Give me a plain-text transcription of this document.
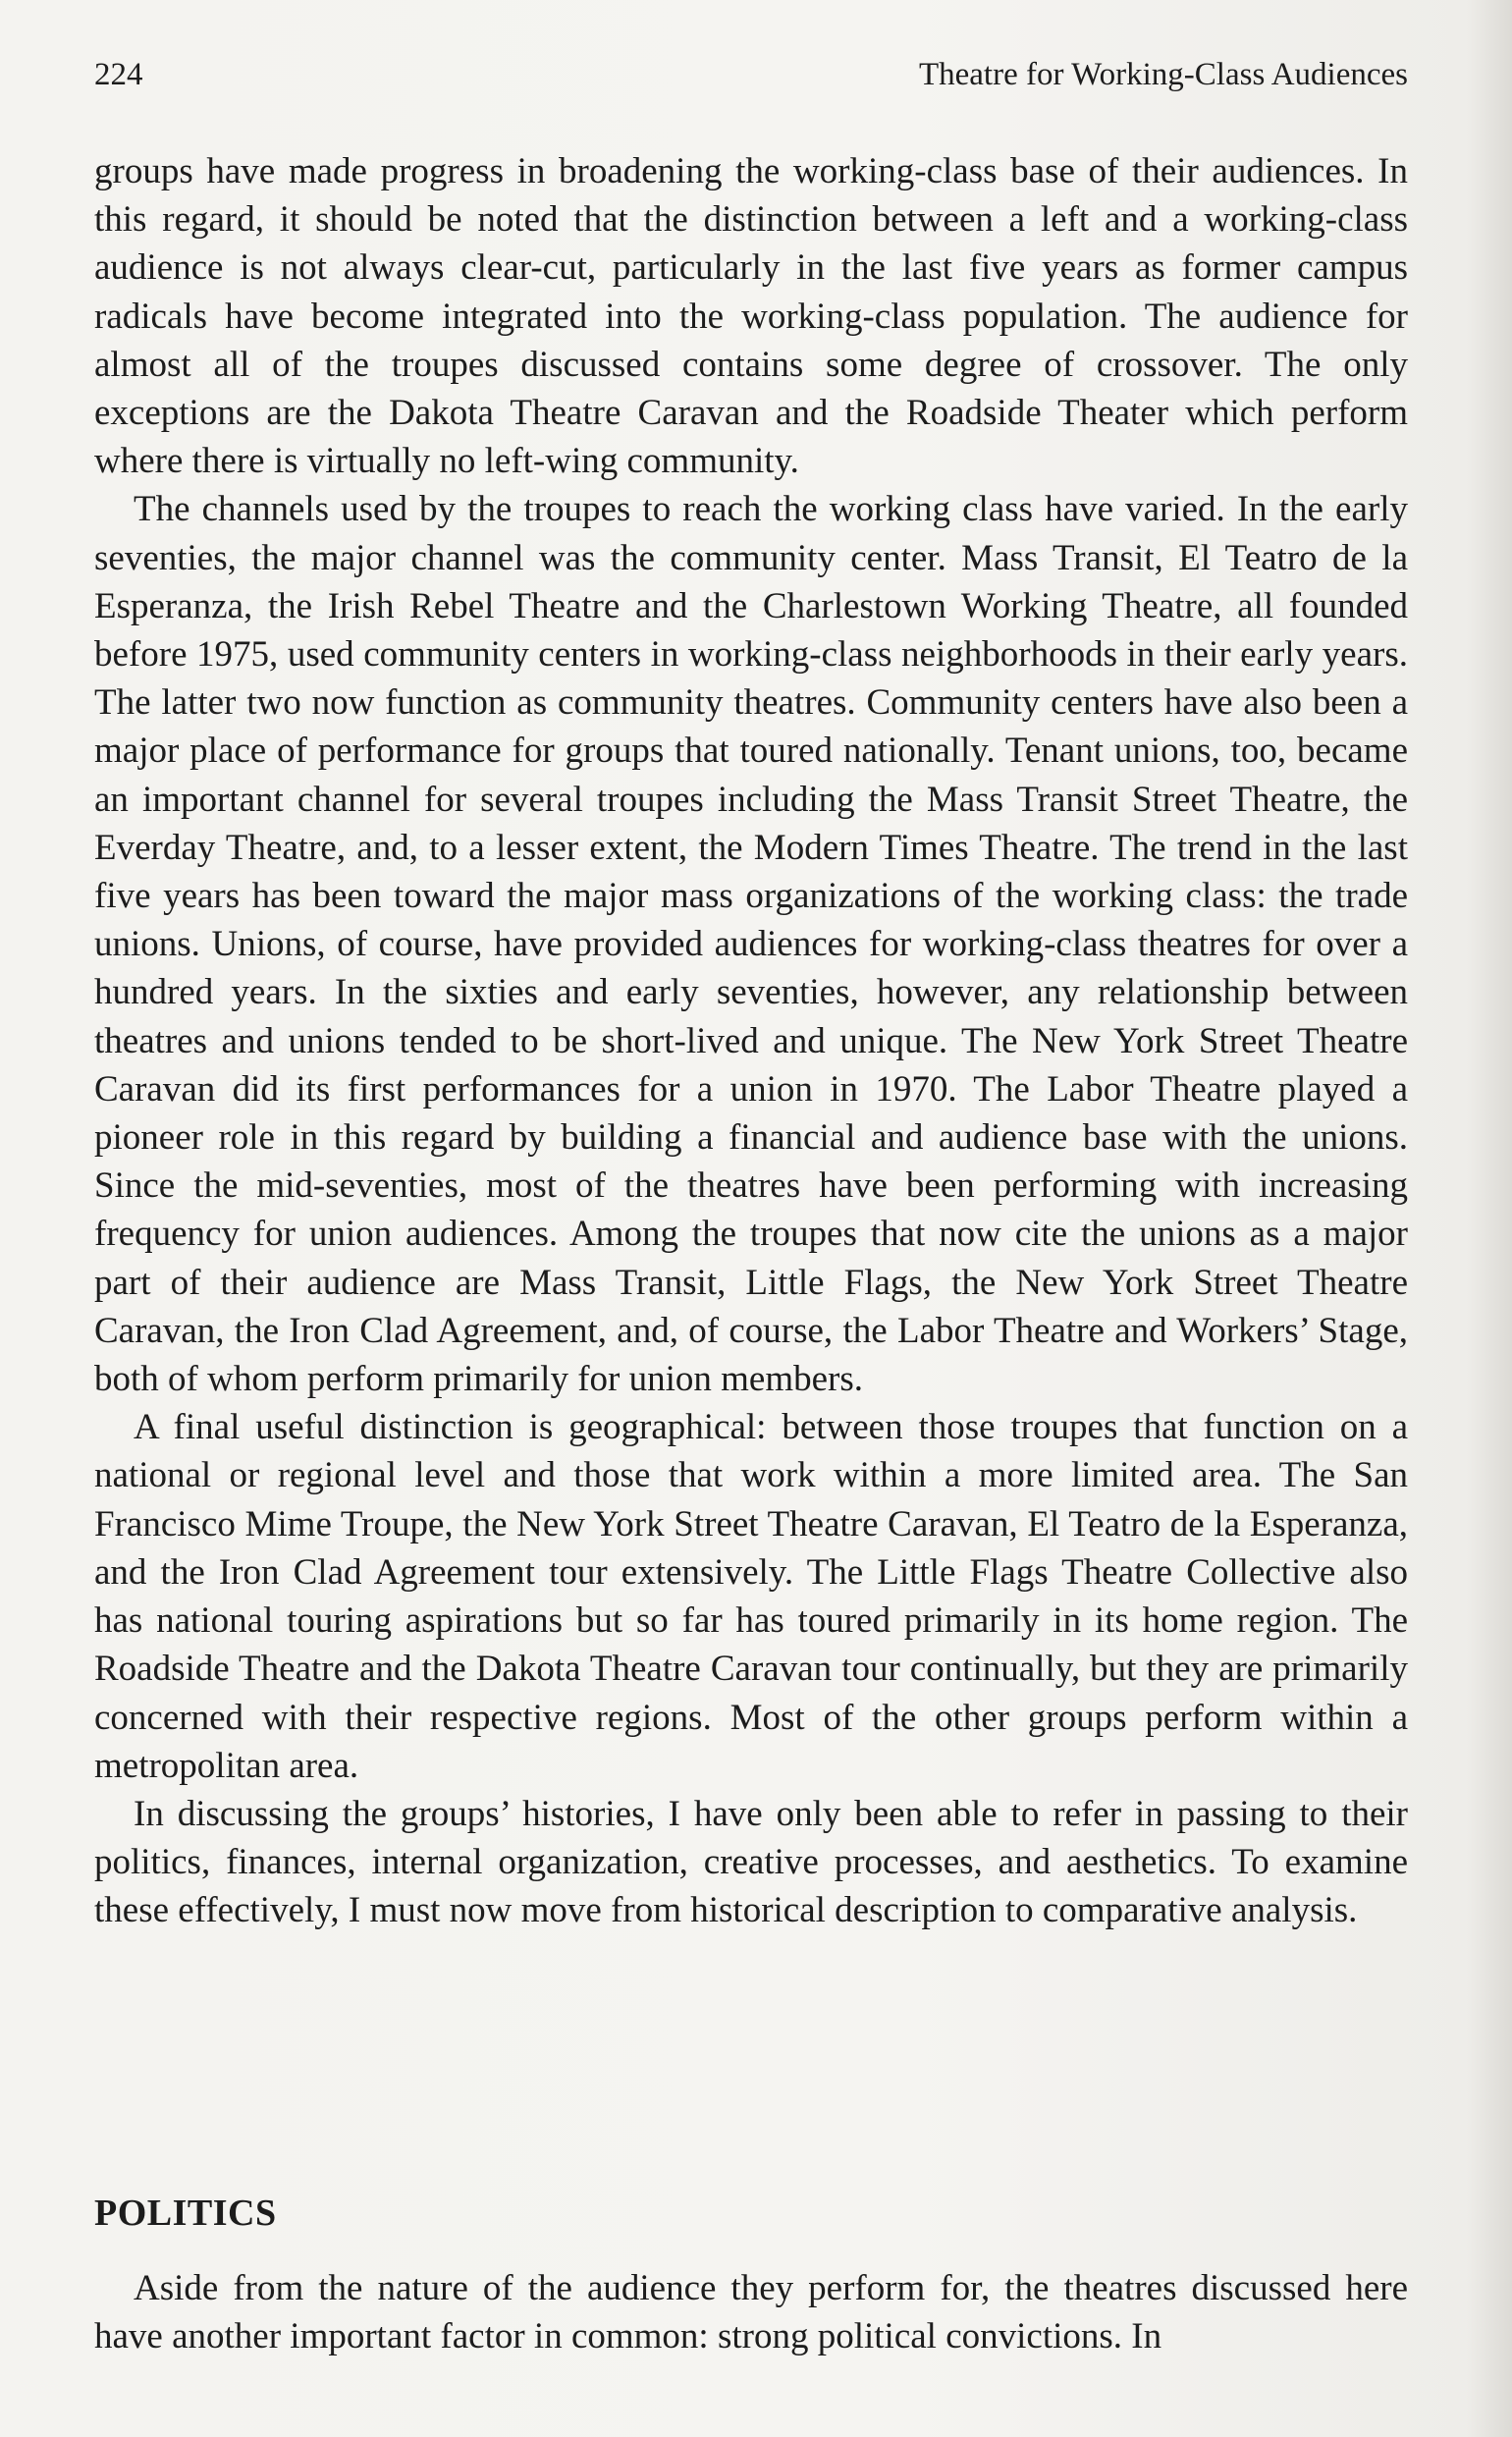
224	Theatre for Working-Class Audiences

groups have made progress in broadening the working-class base of their audiences. In this regard, it should be noted that the distinction between a left and a working-class audience is not always clear-cut, particularly in the last five years as former campus radicals have become integrated into the working-class population. The audience for almost all of the troupes discussed contains some degree of crossover. The only exceptions are the Dakota Theatre Caravan and the Roadside Theater which perform where there is virtually no left-wing community.

The channels used by the troupes to reach the working class have varied. In the early seventies, the major channel was the community center. Mass Transit, El Teatro de la Esperanza, the Irish Rebel Theatre and the Charlestown Working Theatre, all founded before 1975, used community centers in working-class neighborhoods in their early years. The latter two now function as community theatres. Community centers have also been a major place of performance for groups that toured nationally. Tenant unions, too, became an important channel for several troupes including the Mass Transit Street Theatre, the Everday Theatre, and, to a lesser extent, the Modern Times Theatre. The trend in the last five years has been toward the major mass organizations of the working class: the trade unions. Unions, of course, have provided audiences for working-class theatres for over a hundred years. In the sixties and early seventies, however, any relationship between theatres and unions tended to be short-lived and unique. The New York Street Theatre Caravan did its first performances for a union in 1970. The Labor Theatre played a pioneer role in this regard by building a financial and audience base with the unions. Since the mid-seventies, most of the theatres have been performing with increasing frequency for union audiences. Among the troupes that now cite the unions as a major part of their audience are Mass Transit, Little Flags, the New York Street Theatre Caravan, the Iron Clad Agreement, and, of course, the Labor Theatre and Workers’ Stage, both of whom perform primarily for union members.

A final useful distinction is geographical: between those troupes that function on a national or regional level and those that work within a more limited area. The San Francisco Mime Troupe, the New York Street Theatre Caravan, El Teatro de la Esperanza, and the Iron Clad Agreement tour extensively. The Little Flags Theatre Collective also has national touring aspirations but so far has toured primarily in its home region. The Roadside Theatre and the Dakota Theatre Caravan tour continually, but they are primarily concerned with their respective regions. Most of the other groups perform within a metropolitan area.

In discussing the groups’ histories, I have only been able to refer in passing to their politics, finances, internal organization, creative processes, and aesthetics. To examine these effectively, I must now move from historical description to comparative analysis.

POLITICS

Aside from the nature of the audience they perform for, the theatres discussed here have another important factor in common: strong political convictions. In
